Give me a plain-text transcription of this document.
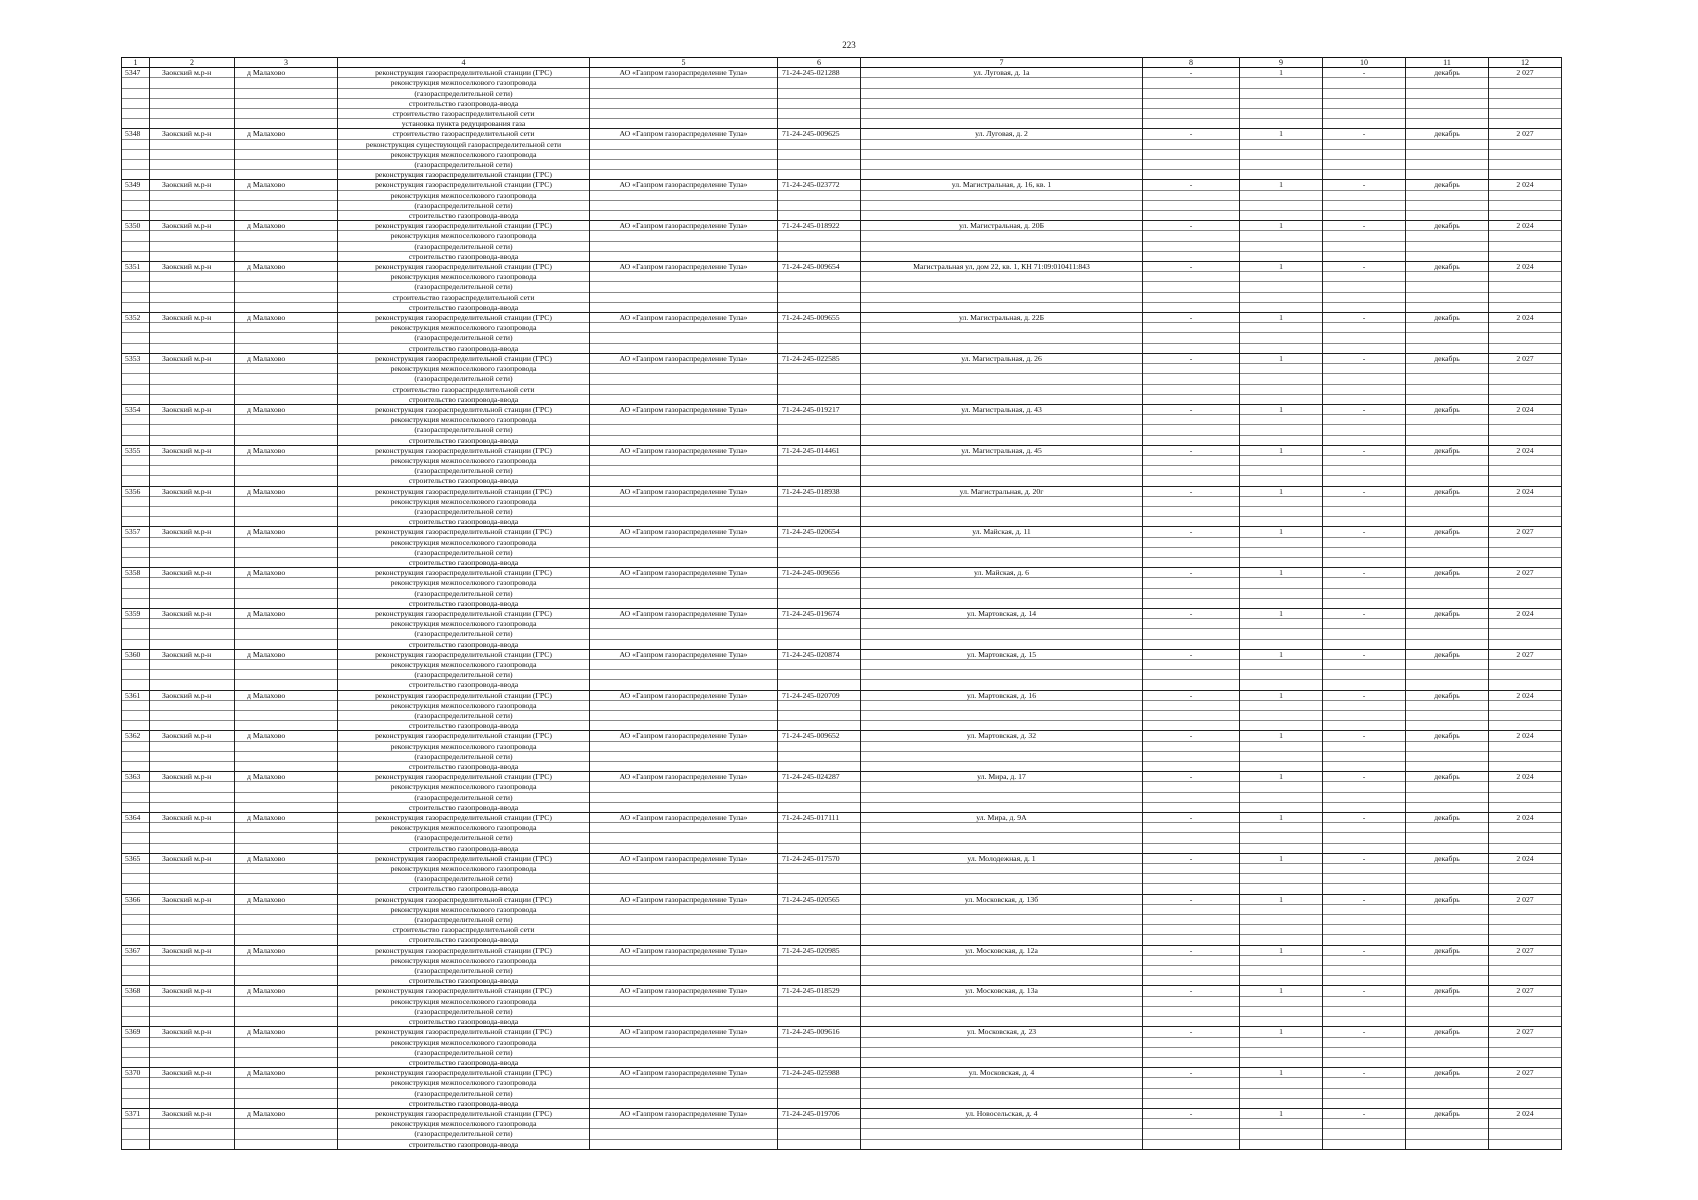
223
1	2	3	4	5	6	7	8	9	10	11	12
5347	Заокский м.р-н	д Малахово	реконструкция газораспределительной станции (ГРС)	АО «Газпром газораспределение Тула»	71-24-245-021288	ул. Луговая, д. 1а	-	1	-	декабрь	2 027
			реконструкция межпоселкового газопровода								
			(газораспределительной сети)								
			строительство газопровода-ввода								
			строительство газораспределительной сети								
			установка пункта редуцирования газа								
5348	Заокский м.р-н	д Малахово	строительство газораспределительной сети	АО «Газпром газораспределение Тула»	71-24-245-009625	ул. Луговая, д. 2	-	1	-	декабрь	2 027
			реконструкция существующей газораспределительной сети								
			реконструкция межпоселкового газопровода								
			(газораспределительной сети)								
			реконструкция газораспределительной станции (ГРС)								
5349	Заокский м.р-н	д Малахово	реконструкция газораспределительной станции (ГРС)	АО «Газпром газораспределение Тула»	71-24-245-023772	ул. Магистральная, д. 16, кв. 1	-	1	-	декабрь	2 024
			реконструкция межпоселкового газопровода								
			(газораспределительной сети)								
			строительство газопровода-ввода								
5350	Заокский м.р-н	д Малахово	реконструкция газораспределительной станции (ГРС)	АО «Газпром газораспределение Тула»	71-24-245-018922	ул. Магистральная, д. 20Б	-	1	-	декабрь	2 024
			реконструкция межпоселкового газопровода								
			(газораспределительной сети)								
			строительство газопровода-ввода								
5351	Заокский м.р-н	д Малахово	реконструкция газораспределительной станции (ГРС)	АО «Газпром газораспределение Тула»	71-24-245-009654	Магистральная ул, дом 22, кв. 1, КН 71:09:010411:843	-	1	-	декабрь	2 024
			реконструкция межпоселкового газопровода								
			(газораспределительной сети)								
			строительство газораспределительной сети								
			строительство газопровода-ввода								
5352	Заокский м.р-н	д Малахово	реконструкция газораспределительной станции (ГРС)	АО «Газпром газораспределение Тула»	71-24-245-009655	ул. Магистральная, д. 22Б	-	1	-	декабрь	2 024
			реконструкция межпоселкового газопровода								
			(газораспределительной сети)								
			строительство газопровода-ввода								
5353	Заокский м.р-н	д Малахово	реконструкция газораспределительной станции (ГРС)	АО «Газпром газораспределение Тула»	71-24-245-022585	ул. Магистральная, д. 26	-	1	-	декабрь	2 027
			реконструкция межпоселкового газопровода								
			(газораспределительной сети)								
			строительство газораспределительной сети								
			строительство газопровода-ввода								
5354	Заокский м.р-н	д Малахово	реконструкция газораспределительной станции (ГРС)	АО «Газпром газораспределение Тула»	71-24-245-019217	ул. Магистральная, д. 43	-	1	-	декабрь	2 024
			реконструкция межпоселкового газопровода								
			(газораспределительной сети)								
			строительство газопровода-ввода								
5355	Заокский м.р-н	д Малахово	реконструкция газораспределительной станции (ГРС)	АО «Газпром газораспределение Тула»	71-24-245-014461	ул. Магистральная, д. 45	-	1	-	декабрь	2 024
			реконструкция межпоселкового газопровода								
			(газораспределительной сети)								
			строительство газопровода-ввода								
5356	Заокский м.р-н	д Малахово	реконструкция газораспределительной станции (ГРС)	АО «Газпром газораспределение Тула»	71-24-245-018938	ул. Магистральная, д. 20г	-	1	-	декабрь	2 024
			реконструкция межпоселкового газопровода								
			(газораспределительной сети)								
			строительство газопровода-ввода								
5357	Заокский м.р-н	д Малахово	реконструкция газораспределительной станции (ГРС)	АО «Газпром газораспределение Тула»	71-24-245-020654	ул. Майская, д. 11	-	1	-	декабрь	2 027
			реконструкция межпоселкового газопровода								
			(газораспределительной сети)								
			строительство газопровода-ввода								
5358	Заокский м.р-н	д Малахово	реконструкция газораспределительной станции (ГРС)	АО «Газпром газораспределение Тула»	71-24-245-009656	ул. Майская, д. 6	-	1	-	декабрь	2 027
			реконструкция межпоселкового газопровода								
			(газораспределительной сети)								
			строительство газопровода-ввода								
5359	Заокский м.р-н	д Малахово	реконструкция газораспределительной станции (ГРС)	АО «Газпром газораспределение Тула»	71-24-245-019674	ул. Мартовская, д. 14	-	1	-	декабрь	2 024
			реконструкция межпоселкового газопровода								
			(газораспределительной сети)								
			строительство газопровода-ввода								
5360	Заокский м.р-н	д Малахово	реконструкция газораспределительной станции (ГРС)	АО «Газпром газораспределение Тула»	71-24-245-020874	ул. Мартовская, д. 15	-	1	-	декабрь	2 027
			реконструкция межпоселкового газопровода								
			(газораспределительной сети)								
			строительство газопровода-ввода								
5361	Заокский м.р-н	д Малахово	реконструкция газораспределительной станции (ГРС)	АО «Газпром газораспределение Тула»	71-24-245-020709	ул. Мартовская, д. 16	-	1	-	декабрь	2 024
			реконструкция межпоселкового газопровода								
			(газораспределительной сети)								
			строительство газопровода-ввода								
5362	Заокский м.р-н	д Малахово	реконструкция газораспределительной станции (ГРС)	АО «Газпром газораспределение Тула»	71-24-245-009652	ул. Мартовская, д. 32	-	1	-	декабрь	2 024
			реконструкция межпоселкового газопровода								
			(газораспределительной сети)								
			строительство газопровода-ввода								
5363	Заокский м.р-н	д Малахово	реконструкция газораспределительной станции (ГРС)	АО «Газпром газораспределение Тула»	71-24-245-024287	ул. Мира, д. 17	-	1	-	декабрь	2 024
			реконструкция межпоселкового газопровода								
			(газораспределительной сети)								
			строительство газопровода-ввода								
5364	Заокский м.р-н	д Малахово	реконструкция газораспределительной станции (ГРС)	АО «Газпром газораспределение Тула»	71-24-245-017111	ул. Мира, д. 9А	-	1	-	декабрь	2 024
			реконструкция межпоселкового газопровода								
			(газораспределительной сети)								
			строительство газопровода-ввода								
5365	Заокский м.р-н	д Малахово	реконструкция газораспределительной станции (ГРС)	АО «Газпром газораспределение Тула»	71-24-245-017570	ул. Молодежная, д. 1	-	1	-	декабрь	2 024
			реконструкция межпоселкового газопровода								
			(газораспределительной сети)								
			строительство газопровода-ввода								
5366	Заокский м.р-н	д Малахово	реконструкция газораспределительной станции (ГРС)	АО «Газпром газораспределение Тула»	71-24-245-020565	ул. Московская, д. 13б	-	1	-	декабрь	2 027
			реконструкция межпоселкового газопровода								
			(газораспределительной сети)								
			строительство газораспределительной сети								
			строительство газопровода-ввода								
5367	Заокский м.р-н	д Малахово	реконструкция газораспределительной станции (ГРС)	АО «Газпром газораспределение Тула»	71-24-245-020985	ул. Московская, д. 12а	-	1	-	декабрь	2 027
			реконструкция межпоселкового газопровода								
			(газораспределительной сети)								
			строительство газопровода-ввода								
5368	Заокский м.р-н	д Малахово	реконструкция газораспределительной станции (ГРС)	АО «Газпром газораспределение Тула»	71-24-245-018529	ул. Московская, д. 13а	-	1	-	декабрь	2 027
			реконструкция межпоселкового газопровода								
			(газораспределительной сети)								
			строительство газопровода-ввода								
5369	Заокский м.р-н	д Малахово	реконструкция газораспределительной станции (ГРС)	АО «Газпром газораспределение Тула»	71-24-245-009616	ул. Московская, д. 23	-	1	-	декабрь	2 027
			реконструкция межпоселкового газопровода								
			(газораспределительной сети)								
			строительство газопровода-ввода								
5370	Заокский м.р-н	д Малахово	реконструкция газораспределительной станции (ГРС)	АО «Газпром газораспределение Тула»	71-24-245-025988	ул. Московская, д. 4	-	1	-	декабрь	2 027
			реконструкция межпоселкового газопровода								
			(газораспределительной сети)								
			строительство газопровода-ввода								
5371	Заокский м.р-н	д Малахово	реконструкция газораспределительной станции (ГРС)	АО «Газпром газораспределение Тула»	71-24-245-019706	ул. Новосельская, д. 4	-	1	-	декабрь	2 024
			реконструкция межпоселкового газопровода								
			(газораспределительной сети)								
			строительство газопровода-ввода								
